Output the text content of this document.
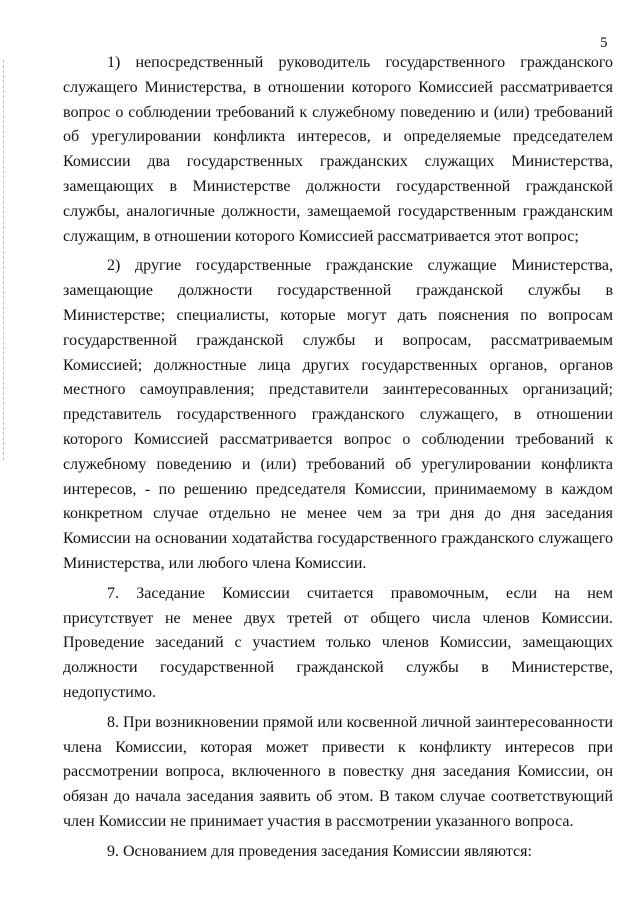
5

1) непосредственный руководитель государственного гражданского служащего Министерства, в отношении которого Комиссией рассматривается вопрос о соблюдении требований к служебному поведению и (или) требований об урегулировании конфликта интересов, и определяемые председателем Комиссии два государственных гражданских служащих Министерства, замещающих в Министерстве должности государственной гражданской службы, аналогичные должности, замещаемой государственным гражданским служащим, в отношении которого Комиссией рассматривается этот вопрос;

2) другие государственные гражданские служащие Министерства, замещающие должности государственной гражданской службы в Министерстве; специалисты, которые могут дать пояснения по вопросам государственной гражданской службы и вопросам, рассматриваемым Комиссией; должностные лица других государственных органов, органов местного самоуправления; представители заинтересованных организаций; представитель государственного гражданского служащего, в отношении которого Комиссией рассматривается вопрос о соблюдении требований к служебному поведению и (или) требований об урегулировании конфликта интересов, - по решению председателя Комиссии, принимаемому в каждом конкретном случае отдельно не менее чем за три дня до дня заседания Комиссии на основании ходатайства государственного гражданского служащего Министерства, или любого члена Комиссии.

7. Заседание Комиссии считается правомочным, если на нем присутствует не менее двух третей от общего числа членов Комиссии. Проведение заседаний с участием только членов Комиссии, замещающих должности государственной гражданской службы в Министерстве, недопустимо.

8. При возникновении прямой или косвенной личной заинтересованности члена Комиссии, которая может привести к конфликту интересов при рассмотрении вопроса, включенного в повестку дня заседания Комиссии, он обязан до начала заседания заявить об этом. В таком случае соответствующий член Комиссии не принимает участия в рассмотрении указанного вопроса.

9. Основанием для проведения заседания Комиссии являются:
